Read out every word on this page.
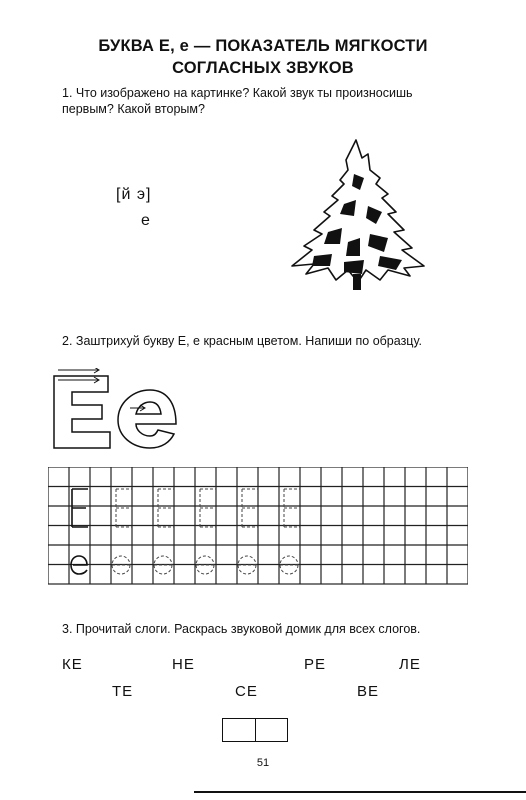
БУКВА Е, е — ПОКАЗАТЕЛЬ МЯГКОСТИ
СОГЛАСНЫХ ЗВУКОВ
1. Что изображено на картинке? Какой звук ты произносишь
первым? Какой вторым?
[й э]
е
2. Заштрихуй букву Е, е красным цветом. Напиши по образцу.
3. Прочитай слоги. Раскрась звуковой домик для всех слогов.
КЕ	НЕ	РЕ	ЛЕ
ТЕ	СЕ	ВЕ
51
